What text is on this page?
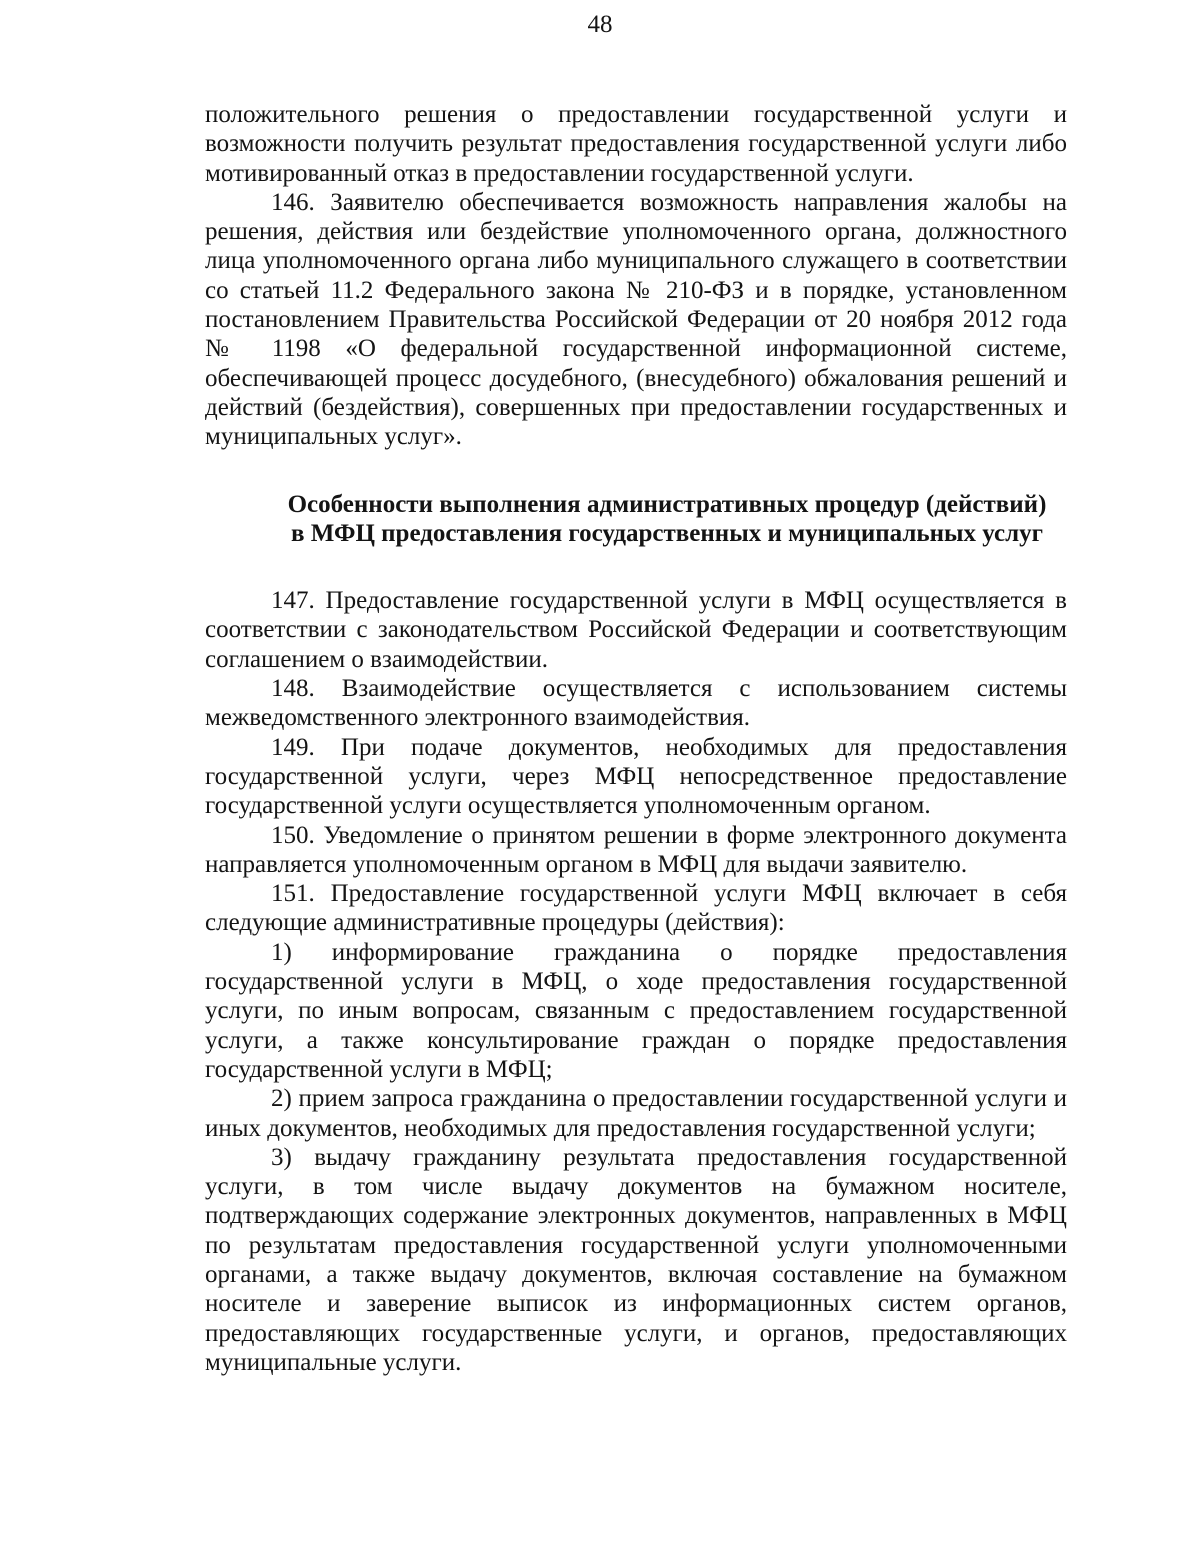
48

положительного решения о предоставлении государственной услуги и возможности получить результат предоставления государственной услуги либо мотивированный отказ в предоставлении государственной услуги.

146. Заявителю обеспечивается возможность направления жалобы на решения, действия или бездействие уполномоченного органа, должностного лица уполномоченного органа либо муниципального служащего в соответствии со статьей 11.2 Федерального закона № 210-ФЗ и в порядке, установленном постановлением Правительства Российской Федерации от 20 ноября 2012 года № 1198 «О федеральной государственной информационной системе, обеспечивающей процесс досудебного, (внесудебного) обжалования решений и действий (бездействия), совершенных при предоставлении государственных и муниципальных услуг».

Особенности выполнения административных процедур (действий)
в МФЦ предоставления государственных и муниципальных услуг

147. Предоставление государственной услуги в МФЦ осуществляется в соответствии с законодательством Российской Федерации и соответствующим соглашением о взаимодействии.

148. Взаимодействие осуществляется с использованием системы межведомственного электронного взаимодействия.

149. При подаче документов, необходимых для предоставления государственной услуги, через МФЦ непосредственное предоставление государственной услуги осуществляется уполномоченным органом.

150. Уведомление о принятом решении в форме электронного документа направляется уполномоченным органом в МФЦ для выдачи заявителю.

151. Предоставление государственной услуги МФЦ включает в себя следующие административные процедуры (действия):

1) информирование гражданина о порядке предоставления государственной услуги в МФЦ, о ходе предоставления государственной услуги, по иным вопросам, связанным с предоставлением государственной услуги, а также консультирование граждан о порядке предоставления государственной услуги в МФЦ;

2) прием запроса гражданина о предоставлении государственной услуги и иных документов, необходимых для предоставления государственной услуги;

3) выдачу гражданину результата предоставления государственной услуги, в том числе выдачу документов на бумажном носителе, подтверждающих содержание электронных документов, направленных в МФЦ по результатам предоставления государственной услуги уполномоченными органами, а также выдачу документов, включая составление на бумажном носителе и заверение выписок из информационных систем органов, предоставляющих государственные услуги, и органов, предоставляющих муниципальные услуги.
